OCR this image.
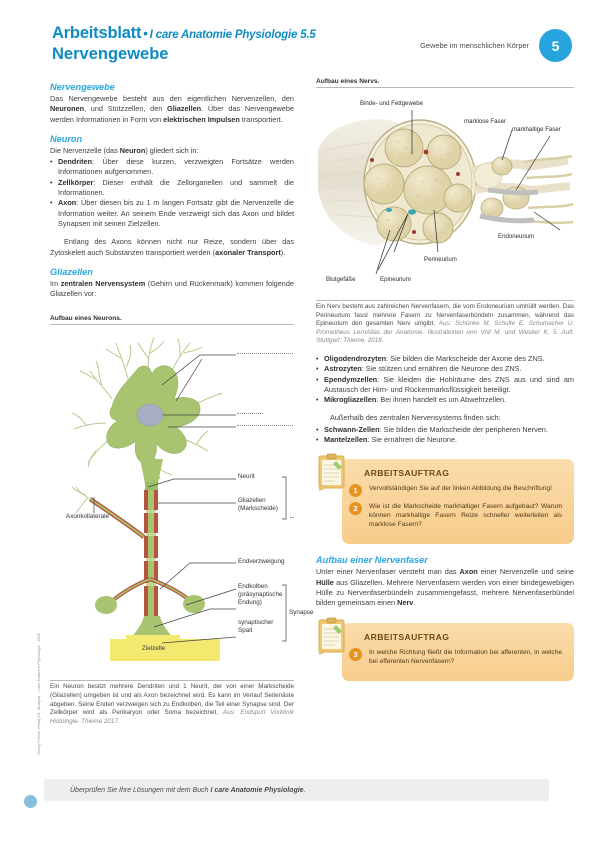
Georg Thieme Verlag KG, Stuttgart · I care Anatomie Physiologie · 2020
Arbeitsblatt • I care Anatomie Physiologie 5.5
Nervengewebe	Gewebe im menschlichen Körper	5
Nervengewebe

Das Nervengewebe besteht aus den eigentlichen Nervenzellen, den Neuronen, und Stützzellen, den Gliazellen. Über das Nervengewebe werden Informationen in Form von elektrischen Impulsen transportiert.

Neuron

Die Nervenzelle (das Neuron) gliedert sich in:

• Dendriten: Über diese kurzen, verzweigten Fortsätze werden Informationen aufgenommen.
• Zellkörper: Dieser enthält die Zellorganellen und sammelt die Informationen.
• Axon: Über diesen bis zu 1 m langen Fortsatz gibt die Nervenzelle die Information weiter. An seinem Ende verzweigt sich das Axon und bildet Synapsen mit seinen Zielzellen.

Entlang des Axons können nicht nur Reize, sondern über das Zytoskelett auch Substanzen transportiert werden (axonaler Transport).

Gliazellen

Im zentralen Nervensystem (Gehirn und Rückenmark) kommen folgende Gliazellen vor:

Aufbau eines Neurons.
Neurit
Gliazellen
(Markscheide)
Axonkollaterale
Endverzweigung
Endkolben
(präsynaptische
Endung)
synaptischer
Spalt
Synapse
Zielzelle
Ein Neuron besitzt mehrere Dendriten und 1 Neurit, der von einer Markscheide (Gliazellen) umgeben ist und als Axon bezeichnet wird. Es kann im Verlauf Seitenäste abgeben. Seine Enden verzweigen sich zu Endkolben, die Teil einer Synapse sind. Der Zellkörper wird als Perikaryon oder Soma bezeichnet. Aus: Endspurt Vorklinik Histologie. Thieme 2017.
Aufbau eines Nervs.
Binde- und Fettgewebe
marklose Faser
markhaltige Faser
Endoneurium
Perineurium
Epineurium
Blutgefäße
Ein Nerv besteht aus zahlreichen Nervenfasern, die vom Endoneurium umhüllt werden. Das Perineurium fasst mehrere Fasern zu Nervenfaserbündeln zusammen, während das Epineurium den gesamten Nerv umgibt. Aus: Schünke M, Schulte E, Schumacher U: Prometheus LernAtlas der Anatomie. Illustrationen von Voll M. und Wesker K. 5. Aufl. Stuttgart: Thieme, 2018.
• Oligodendrozyten: Sie bilden die Markscheide der Axone des ZNS.
• Astrozyten: Sie stützen und ernähren die Neurone des ZNS.
• Ependymzellen: Sie kleiden die Hohlräume des ZNS aus und sind am Austausch der Hirn- und Rückenmarksflüssigkeit beteiligt.
• Mikrogliazellen: Bei ihnen handelt es um Abwehrzellen.

Außerhalb des zentralen Nervensystems finden sich:

• Schwann-Zellen: Sie bilden die Markscheide der peripheren Nerven.
• Mantelzellen: Sie ernähren die Neurone.
ARBEITSAUFTRAG
1	Vervollständigen Sie auf der linken Abbildung die Beschriftung!
2	Wie ist die Markscheide markhaltiger Fasern aufgebaut? Warum können markhaltige Fasern Reize schneller weiterleiten als marklose Fasern?
Aufbau einer Nervenfaser

Unter einer Nervenfaser versteht man das Axon einer Nervenzelle und seine Hülle aus Gliazellen. Mehrere Nervenfasern werden von einer bindegewebigen Hülle zu Nervenfaserbündeln zusammengefasst, mehrere Nervenfaserbündel bilden gemeinsam einen Nerv.

ARBEITSAUFTRAG
3	In welche Richtung fließt die Information bei afferenten, in welche bei efferenten Nervenfasern?
Überprüfen Sie Ihre Lösungen mit dem Buch I care Anatomie Physiologie.
